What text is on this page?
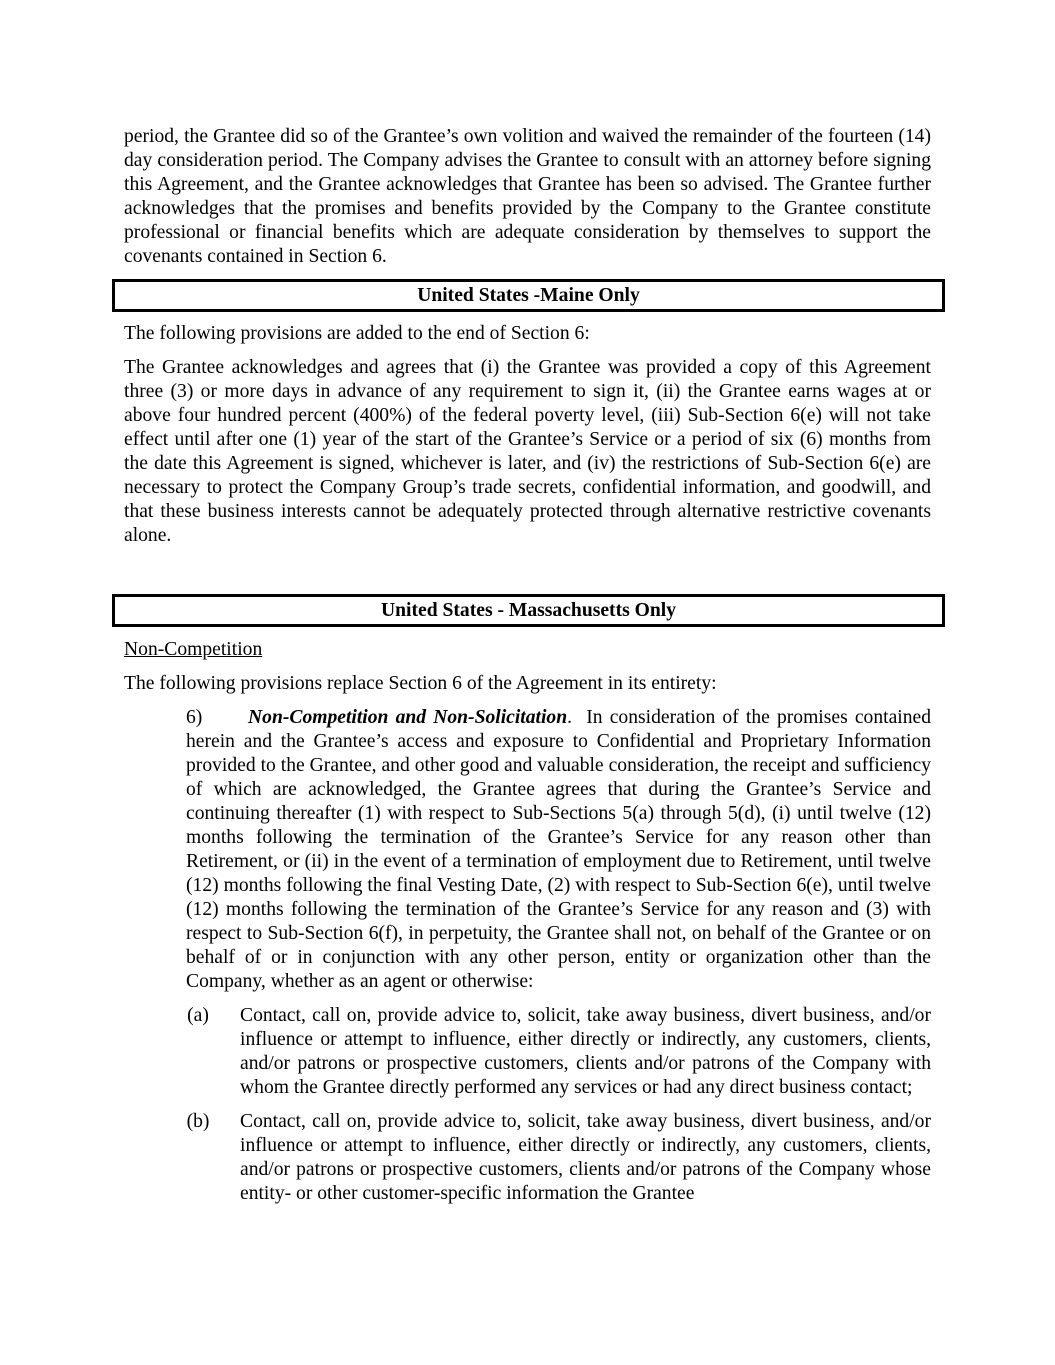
period, the Grantee did so of the Grantee’s own volition and waived the remainder of the fourteen (14) day consideration period. The Company advises the Grantee to consult with an attorney before signing this Agreement, and the Grantee acknowledges that Grantee has been so advised. The Grantee further acknowledges that the promises and benefits provided by the Company to the Grantee constitute professional or financial benefits which are adequate consideration by themselves to support the covenants contained in Section 6.

United States -Maine Only

The following provisions are added to the end of Section 6:

The Grantee acknowledges and agrees that (i) the Grantee was provided a copy of this Agreement three (3) or more days in advance of any requirement to sign it, (ii) the Grantee earns wages at or above four hundred percent (400%) of the federal poverty level, (iii) Sub-Section 6(e) will not take effect until after one (1) year of the start of the Grantee’s Service or a period of six (6) months from the date this Agreement is signed, whichever is later, and (iv) the restrictions of Sub-Section 6(e) are necessary to protect the Company Group’s trade secrets, confidential information, and goodwill, and that these business interests cannot be adequately protected through alternative restrictive covenants alone.

United States - Massachusetts Only

Non-Competition

The following provisions replace Section 6 of the Agreement in its entirety:

6) Non-Competition and Non-Solicitation. In consideration of the promises contained herein and the Grantee’s access and exposure to Confidential and Proprietary Information provided to the Grantee, and other good and valuable consideration, the receipt and sufficiency of which are acknowledged, the Grantee agrees that during the Grantee’s Service and continuing thereafter (1) with respect to Sub-Sections 5(a) through 5(d), (i) until twelve (12) months following the termination of the Grantee’s Service for any reason other than Retirement, or (ii) in the event of a termination of employment due to Retirement, until twelve (12) months following the final Vesting Date, (2) with respect to Sub-Section 6(e), until twelve (12) months following the termination of the Grantee’s Service for any reason and (3) with respect to Sub-Section 6(f), in perpetuity, the Grantee shall not, on behalf of the Grantee or on behalf of or in conjunction with any other person, entity or organization other than the Company, whether as an agent or otherwise:

(a)	Contact, call on, provide advice to, solicit, take away business, divert business, and/or influence or attempt to influence, either directly or indirectly, any customers, clients, and/or patrons or prospective customers, clients and/or patrons of the Company with whom the Grantee directly performed any services or had any direct business contact;

(b)	Contact, call on, provide advice to, solicit, take away business, divert business, and/or influence or attempt to influence, either directly or indirectly, any customers, clients, and/or patrons or prospective customers, clients and/or patrons of the Company whose entity- or other customer-specific information the Grantee
